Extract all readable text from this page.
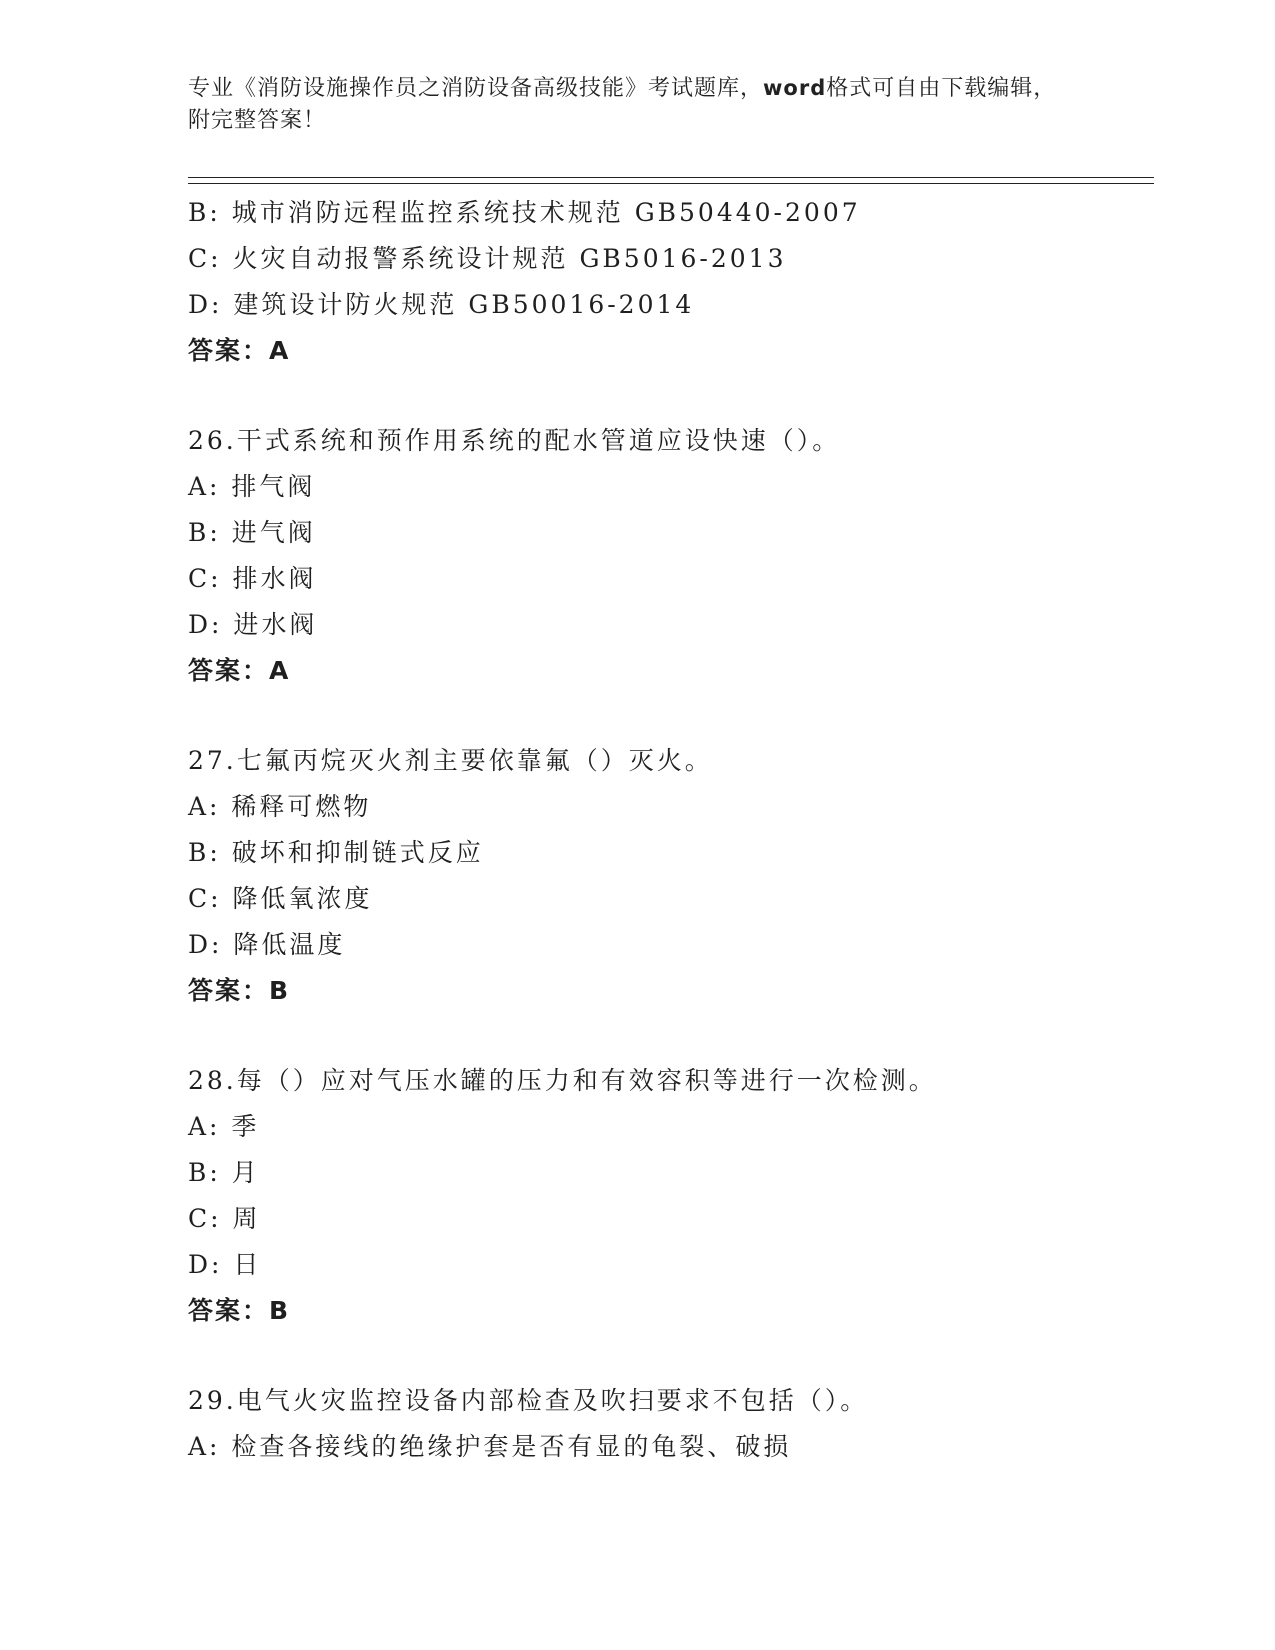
专业《消防设施操作员之消防设备高级技能》考试题库，word格式可自由下载编辑，附完整答案！
B: 城市消防远程监控系统技术规范 GB50440-2007
C: 火灾自动报警系统设计规范 GB5016-2013
D: 建筑设计防火规范 GB50016-2014
答案：A
26.干式系统和预作用系统的配水管道应设快速（）。
A: 排气阀
B: 进气阀
C: 排水阀
D: 进水阀
答案：A
27.七氟丙烷灭火剂主要依靠氟（）灭火。
A: 稀释可燃物
B: 破坏和抑制链式反应
C: 降低氧浓度
D: 降低温度
答案：B
28.每（）应对气压水罐的压力和有效容积等进行一次检测。
A: 季
B: 月
C: 周
D: 日
答案：B
29.电气火灾监控设备内部检查及吹扫要求不包括（）。
A: 检查各接线的绝缘护套是否有显的龟裂、破损
